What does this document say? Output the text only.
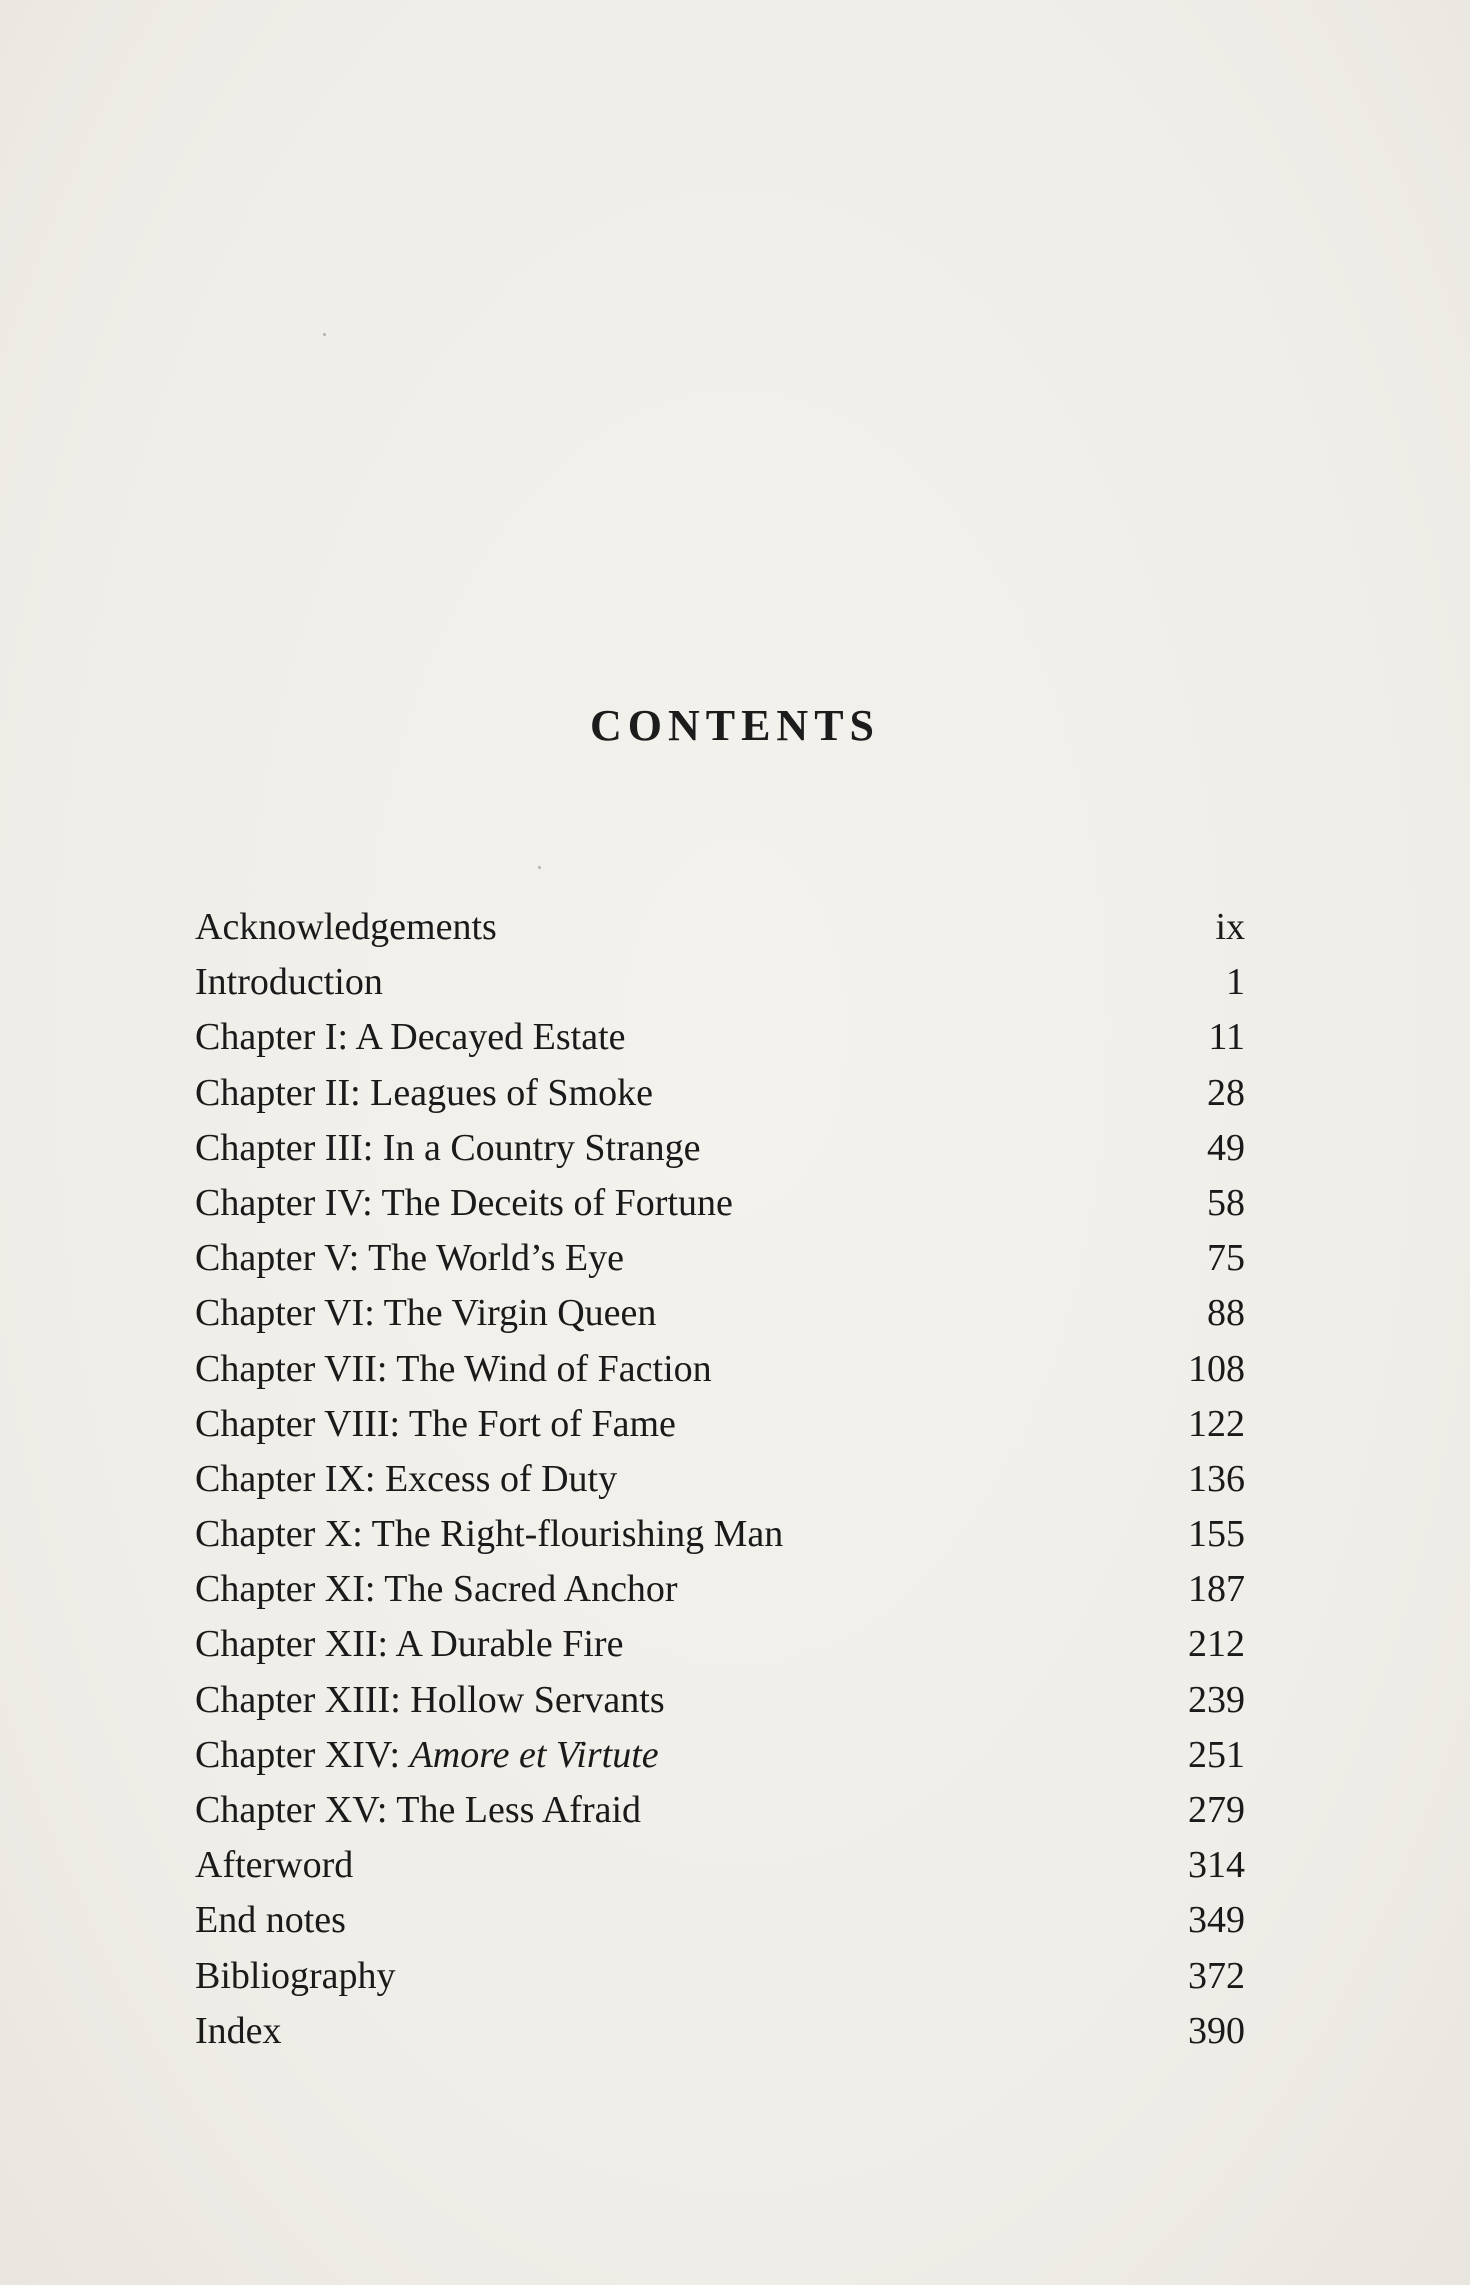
CONTENTS
Acknowledgements	ix
Introduction	1
Chapter I: A Decayed Estate	11
Chapter II: Leagues of Smoke	28
Chapter III: In a Country Strange	49
Chapter IV: The Deceits of Fortune	58
Chapter V: The World’s Eye	75
Chapter VI: The Virgin Queen	88
Chapter VII: The Wind of Faction	108
Chapter VIII: The Fort of Fame	122
Chapter IX: Excess of Duty	136
Chapter X: The Right-flourishing Man	155
Chapter XI: The Sacred Anchor	187
Chapter XII: A Durable Fire	212
Chapter XIII: Hollow Servants	239
Chapter XIV: Amore et Virtute	251
Chapter XV: The Less Afraid	279
Afterword	314
End notes	349
Bibliography	372
Index	390
